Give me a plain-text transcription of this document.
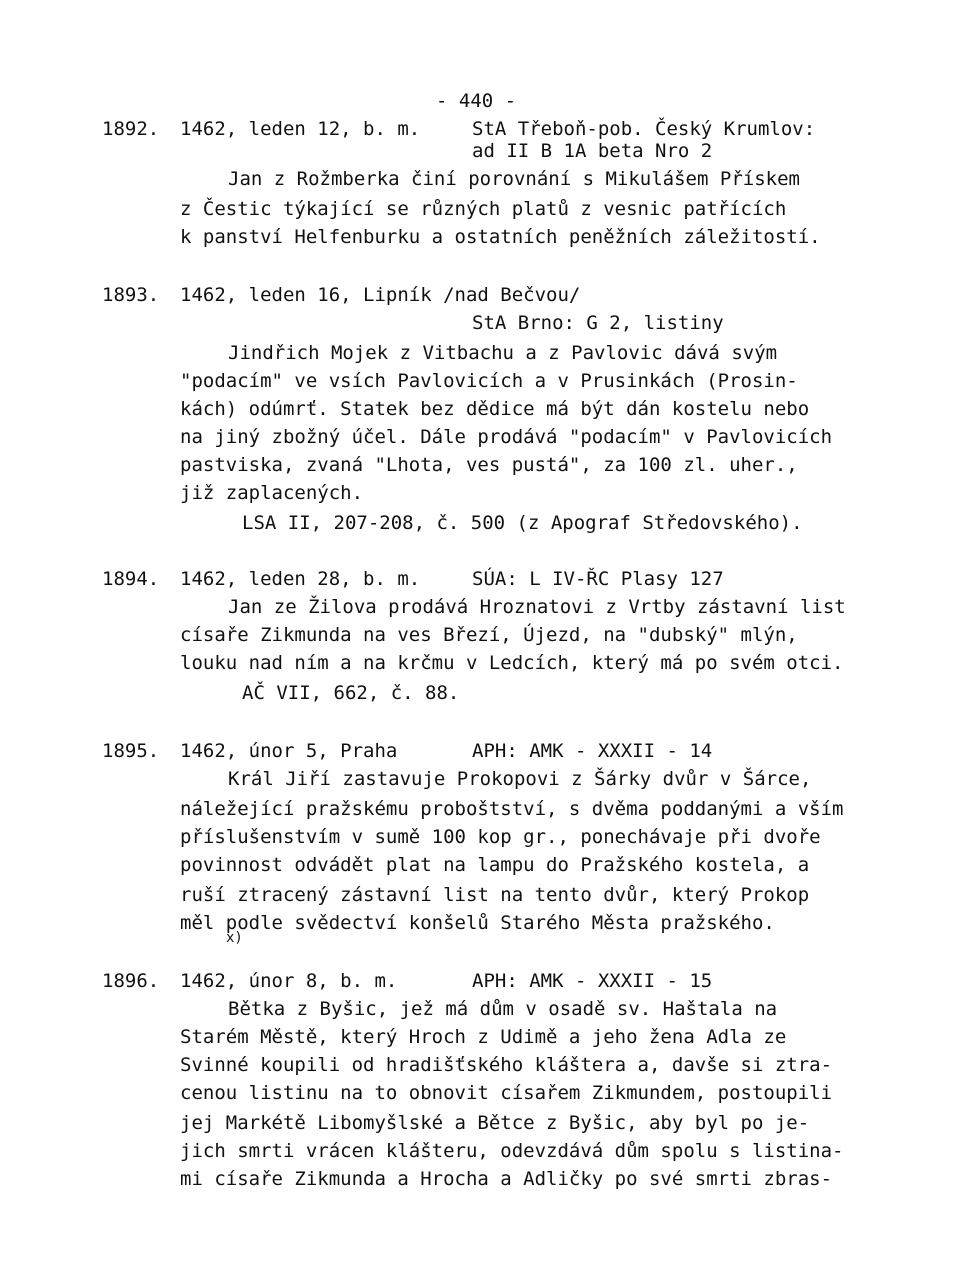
- 440 -
1892. 1462, leden 12, b. m.	StA Třeboň-pob. Český Krumlov:
ad II B 1A beta Nro 2
Jan z Rožmberka činí porovnání s Mikulášem Přískem
z Čestic týkající se různých platů z vesnic patřících
k panství Helfenburku a ostatních peněžních záležitostí.
1893. 1462, leden 16, Lipník /nad Bečvou/
StA Brno: G 2, listiny
Jindřich Mojek z Vitbachu a z Pavlovic dává svým
"podacím" ve vsích Pavlovicích a v Prusinkách (Prosin-
kách) odúmrť. Statek bez dědice má být dán kostelu nebo
na jiný zbožný účel. Dále prodává "podacím" v Pavlovicích
pastviska, zvaná "Lhota, ves pustá", za 100 zl. uher.,
již zaplacených.
LSA II, 207-208, č. 500 (z Apograf Středovského).
1894. 1462, leden 28, b. m.	SÚA: L IV-ŘC Plasy 127
Jan ze Žilova prodává Hroznatovi z Vrtby zástavní list
císaře Zikmunda na ves Březí, Újezd, na "dubský" mlýn,
louku nad ním a na krčmu v Ledcích, který má po svém otci.
AČ VII, 662, č. 88.
1895. 1462, únor 5, Praha	APH: AMK - XXXII - 14
Král Jiří zastavuje Prokopovi z Šárky dvůr v Šárce,
náležející pražskému proboštství, s dvěma poddanými a vším
příslušenstvím v sumě 100 kop gr., ponechávaje při dvoře
povinnost odvádět plat na lampu do Pražského kostela, a
ruší ztracený zástavní list na tento dvůr, který Prokop
měl podle svědectví konšelů Starého Města pražského.
x)
1896. 1462, únor 8, b. m.	APH: AMK - XXXII - 15
Bětka z Byšic, jež má dům v osadě sv. Haštala na
Starém Městě, který Hroch z Udimě a jeho žena Adla ze
Svinné koupili od hradišťského kláštera a, davše si ztra-
cenou listinu na to obnovit císařem Zikmundem, postoupili
jej Markétě Libomyšlské a Bětce z Byšic, aby byl po je-
jich smrti vrácen klášteru, odevzdává dům spolu s listina-
mi císaře Zikmunda a Hrocha a Adličky po své smrti zbras-
